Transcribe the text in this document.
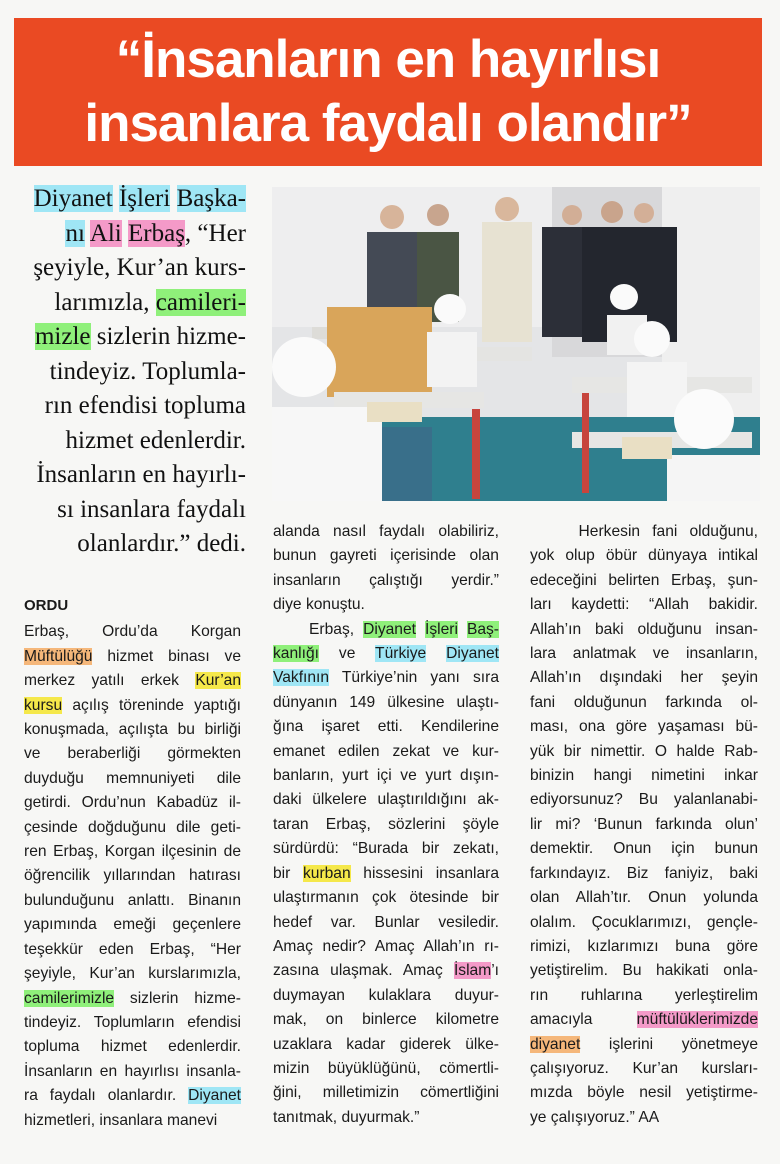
“İnsanların en hayırlısı
insanlara faydalı olandır”
Diyanet İşleri Başka-
nı Ali Erbaş, “Her
şeyiyle, Kur’an kurs-
larımızla, camileri-
mizle sizlerin hizme-
tindeyiz. Toplumla-
rın efendisi topluma
hizmet edenlerdir.
İnsanların en hayırlı-
sı insanlara faydalı
olanlardır.” dedi.
ORDU
Erbaş, Ordu’da Korgan
Müftülüğü hizmet binası ve
merkez yatılı erkek Kur’an
kursu açılış töreninde yaptığı
konuşmada, açılışta bu birliği
ve beraberliği görmekten
duyduğu memnuniyeti dile
getirdi. Ordu’nun Kabadüz il-
çesinde doğduğunu dile geti-
ren Erbaş, Korgan ilçesinin de
öğrencilik yıllarından hatırası
bulunduğunu anlattı. Binanın
yapımında emeği geçenlere
teşekkür eden Erbaş, “Her
şeyiyle, Kur’an kurslarımızla,
camilerimizle sizlerin hizme-
tindeyiz. Toplumların efendisi
topluma hizmet edenlerdir.
İnsanların en hayırlısı insanla-
ra faydalı olanlardır. Diyanet
hizmetleri, insanlara manevi
alanda nasıl faydalı olabiliriz,
bunun gayreti içerisinde olan
insanların çalıştığı yerdir.”
diye konuştu.
Erbaş, Diyanet İşleri Baş-
kanlığı ve Türkiye Diyanet
Vakfının Türkiye’nin yanı sıra
dünyanın 149 ülkesine ulaştı-
ğına işaret etti. Kendilerine
emanet edilen zekat ve kur-
banların, yurt içi ve yurt dışın-
daki ülkelere ulaştırıldığını ak-
taran Erbaş, sözlerini şöyle
sürdürdü: “Burada bir zekatı,
bir kurban hissesini insanlara
ulaştırmanın çok ötesinde bir
hedef var. Bunlar vesiledir.
Amaç nedir? Amaç Allah’ın rı-
zasına ulaşmak. Amaç İslam’ı
duymayan kulaklara duyur-
mak, on binlerce kilometre
uzaklara kadar giderek ülke-
mizin büyüklüğünü, cömertli-
ğini, milletimizin cömertliğini
tanıtmak, duyurmak.”
Herkesin fani olduğunu,
yok olup öbür dünyaya intikal
edeceğini belirten Erbaş, şun-
ları kaydetti: “Allah bakidir.
Allah’ın baki olduğunu insan-
lara anlatmak ve insanların,
Allah’ın dışındaki her şeyin
fani olduğunun farkında ol-
ması, ona göre yaşaması bü-
yük bir nimettir. O halde Rab-
binizin hangi nimetini inkar
ediyorsunuz? Bu yalanlanabi-
lir mi? ‘Bunun farkında olun’
demektir. Onun için bunun
farkındayız. Biz faniyiz, baki
olan Allah’tır. Onun yolunda
olalım. Çocuklarımızı, gençle-
rimizi, kızlarımızı buna göre
yetiştirelim. Bu hakikati onla-
rın ruhlarına yerleştirelim
amacıyla müftülüklerimizde
diyanet işlerini yönetmeye
çalışıyoruz. Kur’an kursları-
mızda böyle nesil yetiştirme-
ye çalışıyoruz.” AA
